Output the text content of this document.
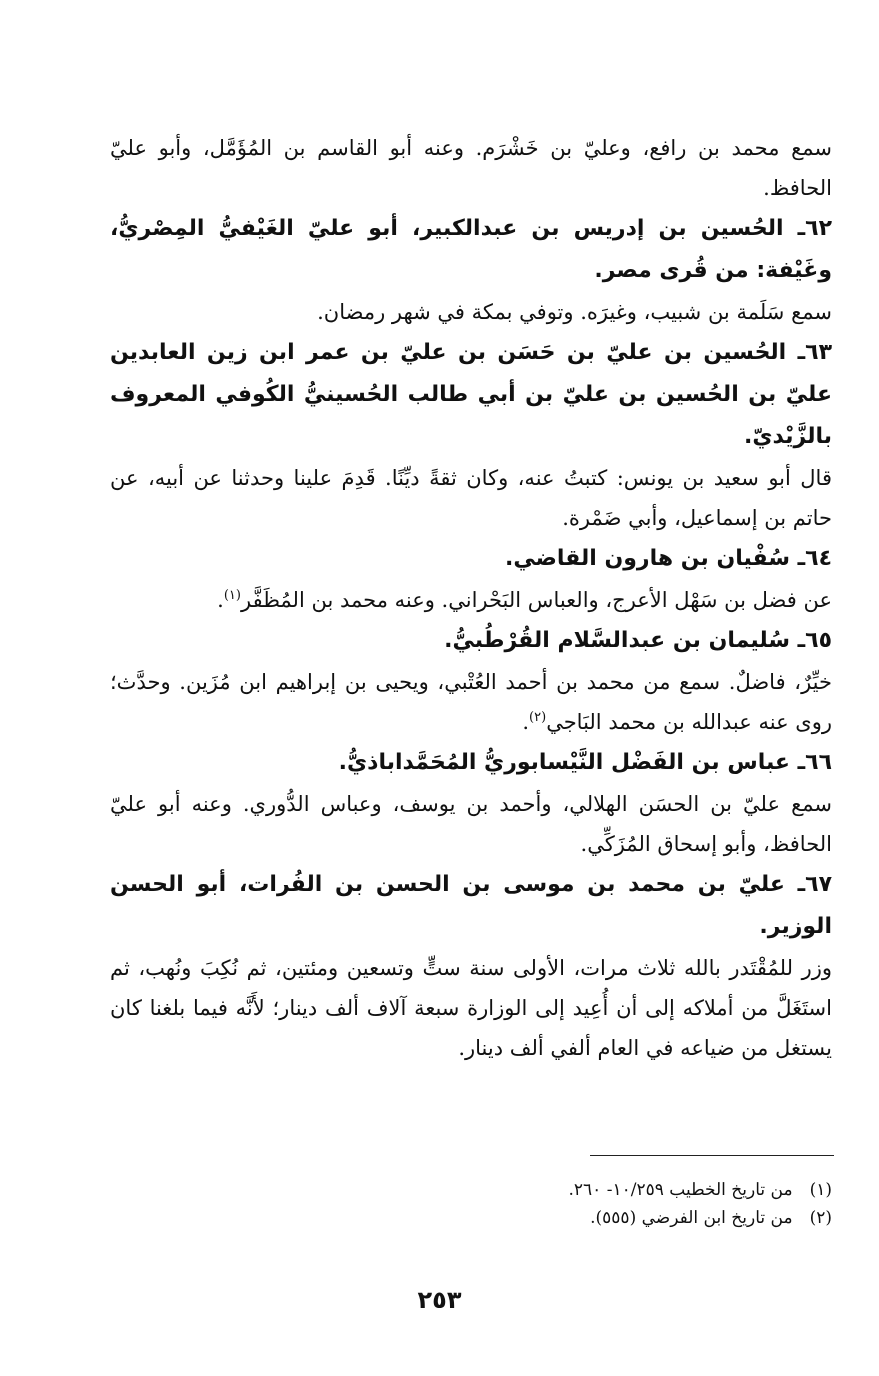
سمع محمد بن رافع، وعليّ بن خَشْرَم. وعنه أبو القاسم بن المُؤَمَّل، وأبو عليّ الحافظ.

٦٢ـ الحُسين بن إدريس بن عبدالكبير، أبو عليّ الغَيْفيُّ المِصْريُّ، وغَيْفة: من قُرى مصر.

سمع سَلَمة بن شبيب، وغيرَه. وتوفي بمكة في شهر رمضان.

٦٣ـ الحُسين بن عليّ بن حَسَن بن عليّ بن عمر ابن زين العابدين عليّ بن الحُسين بن عليّ بن أبي طالب الحُسينيُّ الكُوفي المعروف بالزَّيْديّ.

قال أبو سعيد بن يونس: كتبتُ عنه، وكان ثقةً ديِّنًا. قَدِمَ علينا وحدثنا عن أبيه، عن حاتم بن إسماعيل، وأبي ضَمْرة.

٦٤ـ سُفْيان بن هارون القاضي.

عن فضل بن سَهْل الأعرج، والعباس البَحْراني. وعنه محمد بن المُظَفَّر$^{(١)}$.

٦٥ـ سُليمان بن عبدالسَّلام القُرْطُبيُّ.

خيِّرٌ، فاضلٌ. سمع من محمد بن أحمد العُتْبي، ويحيى بن إبراهيم ابن مُزَين. وحدَّث؛ روى عنه عبدالله بن محمد البَاجي$^{(٢)}$.

٦٦ـ عباس بن الفَضْل النَّيْسابوريُّ المُحَمَّداباذيُّ.

سمع عليّ بن الحسَن الهلالي، وأحمد بن يوسف، وعباس الدُّوري. وعنه أبو عليّ الحافظ، وأبو إسحاق المُزَكِّي.

٦٧ـ عليّ بن محمد بن موسى بن الحسن بن الفُرات، أبو الحسن الوزير.

وزر للمُقْتَدر بالله ثلاث مرات، الأولى سنة ستٍّ وتسعين ومئتين، ثم نُكِبَ ونُهب، ثم استَغَلَّ من أملاكه إلى أن أُعِيد إلى الوزارة سبعة آلاف ألف دينار؛ لأَنَّه فيما بلغنا كان يستغل من ضياعه في العام ألفي ألف دينار.

(١) من تاريخ الخطيب ١٠/٢٥٩- ٢٦٠.

(٢) من تاريخ ابن الفرضي (٥٥٥).

٢٥٣
